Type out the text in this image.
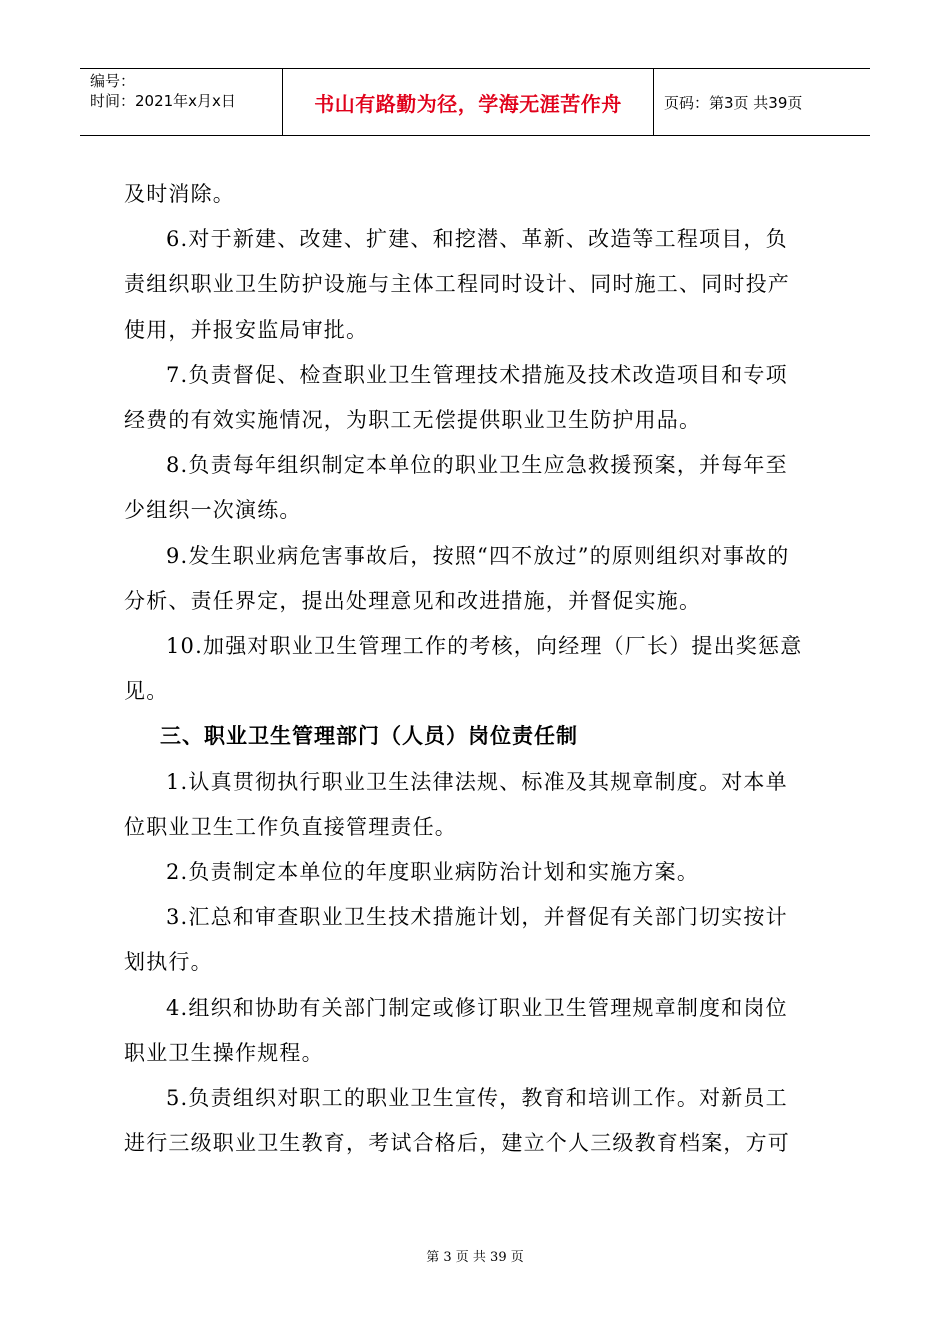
编号：
时间：2021年x月x日	书山有路勤为径，学海无涯苦作舟	页码：第3页 共39页

及时消除。

6.对于新建、改建、扩建、和挖潜、革新、改造等工程项目，负责组织职业卫生防护设施与主体工程同时设计、同时施工、同时投产使用，并报安监局审批。

7.负责督促、检查职业卫生管理技术措施及技术改造项目和专项经费的有效实施情况，为职工无偿提供职业卫生防护用品。

8.负责每年组织制定本单位的职业卫生应急救援预案，并每年至少组织一次演练。

9.发生职业病危害事故后，按照“四不放过”的原则组织对事故的分析、责任界定，提出处理意见和改进措施，并督促实施。

10.加强对职业卫生管理工作的考核，向经理（厂长）提出奖惩意见。

三、职业卫生管理部门（人员）岗位责任制

1.认真贯彻执行职业卫生法律法规、标准及其规章制度。对本单位职业卫生工作负直接管理责任。

2.负责制定本单位的年度职业病防治计划和实施方案。

3.汇总和审查职业卫生技术措施计划，并督促有关部门切实按计划执行。

4.组织和协助有关部门制定或修订职业卫生管理规章制度和岗位职业卫生操作规程。

5.负责组织对职工的职业卫生宣传，教育和培训工作。对新员工进行三级职业卫生教育，考试合格后，建立个人三级教育档案，方可

第 3 页 共 39 页
